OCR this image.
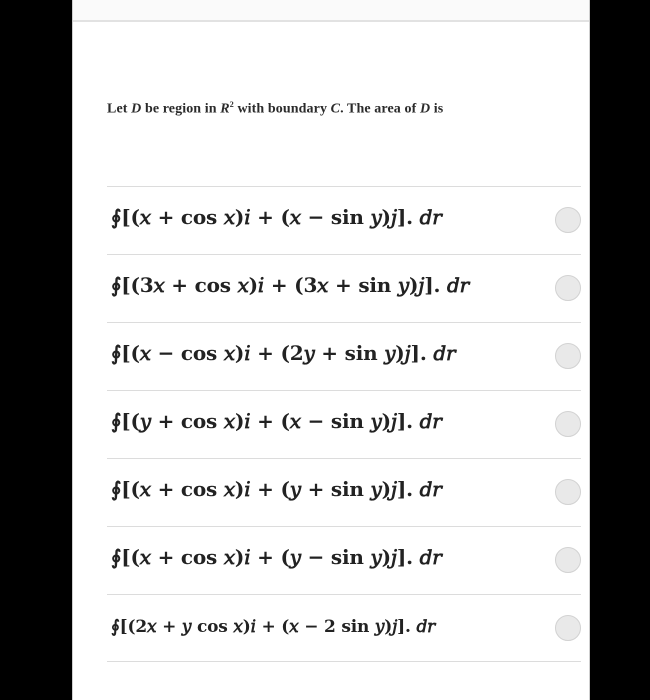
Let D be region in $R^2$ with boundary C. The area of D is
∮[(𝑥 + cos 𝑥)𝑖 + (𝑥 − sin 𝑦)𝑗]. 𝑑𝑟
∮[(3𝑥 + cos 𝑥)𝑖 + (3𝑥 + sin 𝑦)𝑗]. 𝑑𝑟
∮[(𝑥 − cos 𝑥)𝑖 + (2𝑦 + sin 𝑦)𝑗]. 𝑑𝑟
∮[(𝑦 + cos 𝑥)𝑖 + (𝑥 − sin 𝑦)𝑗]. 𝑑𝑟
∮[(𝑥 + cos 𝑥)𝑖 + (𝑦 + sin 𝑦)𝑗]. 𝑑𝑟
∮[(𝑥 + cos 𝑥)𝑖 + (𝑦 − sin 𝑦)𝑗]. 𝑑𝑟
∮[(2𝑥 + 𝑦 cos 𝑥)𝑖 + (𝑥 − 2 sin 𝑦)𝑗]. 𝑑𝑟
